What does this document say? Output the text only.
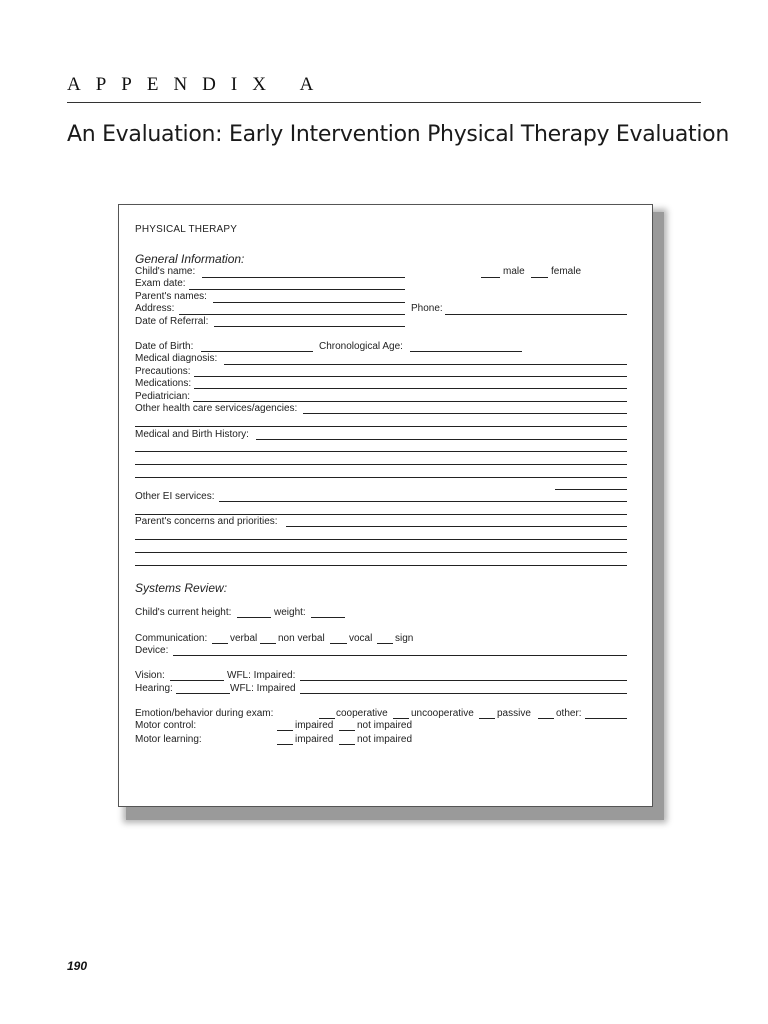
APPENDIX A
An Evaluation: Early Intervention Physical Therapy Evaluation
PHYSICAL THERAPY
General Information:
Child's name:	male	female
Exam date:
Parent's names:
Address:	Phone:
Date of Referral:
Date of Birth:	Chronological Age:
Medical diagnosis:
Precautions:
Medications:
Pediatrician:
Other health care services/agencies:
Medical and Birth History:
Other EI services:
Parent's concerns and priorities:
Systems Review:
Child's current height:	weight:
Communication: verbal non verbal vocal sign
Device:
Vision:	WFL: Impaired:
Hearing:	WFL: Impaired
Emotion/behavior during exam:	cooperative uncooperative passive	other:
Motor control:	impaired not impaired
Motor learning:	impaired not impaired
190
